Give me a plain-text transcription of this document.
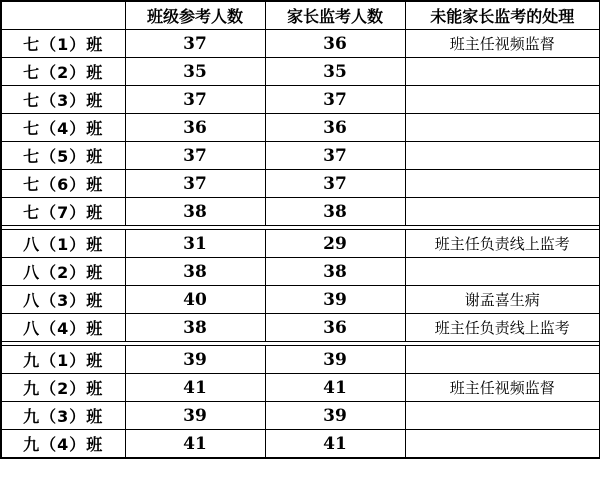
	班级参考人数	家长监考人数	未能家长监考的处理
七（1）班	37	36	班主任视频监督
七（2）班	35	35	
七（3）班	37	37	
七（4）班	36	36	
七（5）班	37	37	
七（6）班	37	37	
七（7）班	38	38	

八（1）班	31	29	班主任负责线上监考
八（2）班	38	38	
八（3）班	40	39	谢孟喜生病
八（4）班	38	36	班主任负责线上监考

九（1）班	39	39	
九（2）班	41	41	班主任视频监督
九（3）班	39	39	
九（4）班	41	41	
